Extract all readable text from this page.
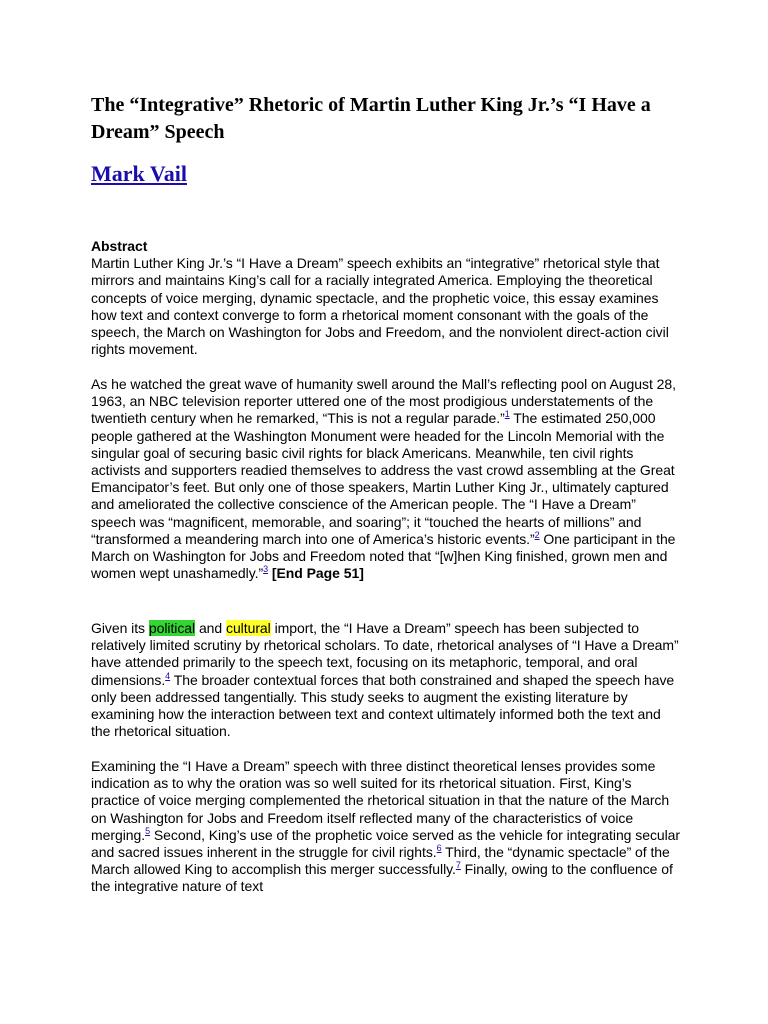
The “Integrative” Rhetoric of Martin Luther King Jr.’s “I Have a Dream” Speech
Mark Vail
Abstract

Martin Luther King Jr.’s “I Have a Dream” speech exhibits an “integrative” rhetorical style that mirrors and maintains King’s call for a racially integrated America. Employing the theoretical concepts of voice merging, dynamic spectacle, and the prophetic voice, this essay examines how text and context converge to form a rhetorical moment consonant with the goals of the speech, the March on Washington for Jobs and Freedom, and the nonviolent direct-action civil rights movement.

As he watched the great wave of humanity swell around the Mall’s reflecting pool on August 28, 1963, an NBC television reporter uttered one of the most prodigious understatements of the twentieth century when he remarked, “This is not a regular parade.”$^1$ The estimated 250,000 people gathered at the Washington Monument were headed for the Lincoln Memorial with the singular goal of securing basic civil rights for black Americans. Meanwhile, ten civil rights activists and supporters readied themselves to address the vast crowd assembling at the Great Emancipator’s feet. But only one of those speakers, Martin Luther King Jr., ultimately captured and ameliorated the collective conscience of the American people. The “I Have a Dream” speech was “magnificent, memorable, and soaring”; it “touched the hearts of millions” and “transformed a meandering march into one of America’s historic events.”$^2$ One participant in the March on Washington for Jobs and Freedom noted that “[w]hen King finished, grown men and women wept unashamedly.”$^3$ [End Page 51]

Given its political and cultural import, the “I Have a Dream” speech has been subjected to relatively limited scrutiny by rhetorical scholars. To date, rhetorical analyses of “I Have a Dream” have attended primarily to the speech text, focusing on its metaphoric, temporal, and oral dimensions.$^4$ The broader contextual forces that both constrained and shaped the speech have only been addressed tangentially. This study seeks to augment the existing literature by examining how the interaction between text and context ultimately informed both the text and the rhetorical situation.

Examining the “I Have a Dream” speech with three distinct theoretical lenses provides some indication as to why the oration was so well suited for its rhetorical situation. First, King’s practice of voice merging complemented the rhetorical situation in that the nature of the March on Washington for Jobs and Freedom itself reflected many of the characteristics of voice merging.$^5$ Second, King’s use of the prophetic voice served as the vehicle for integrating secular and sacred issues inherent in the struggle for civil rights.$^6$ Third, the “dynamic spectacle” of the March allowed King to accomplish this merger successfully.$^7$ Finally, owing to the confluence of the integrative nature of text
